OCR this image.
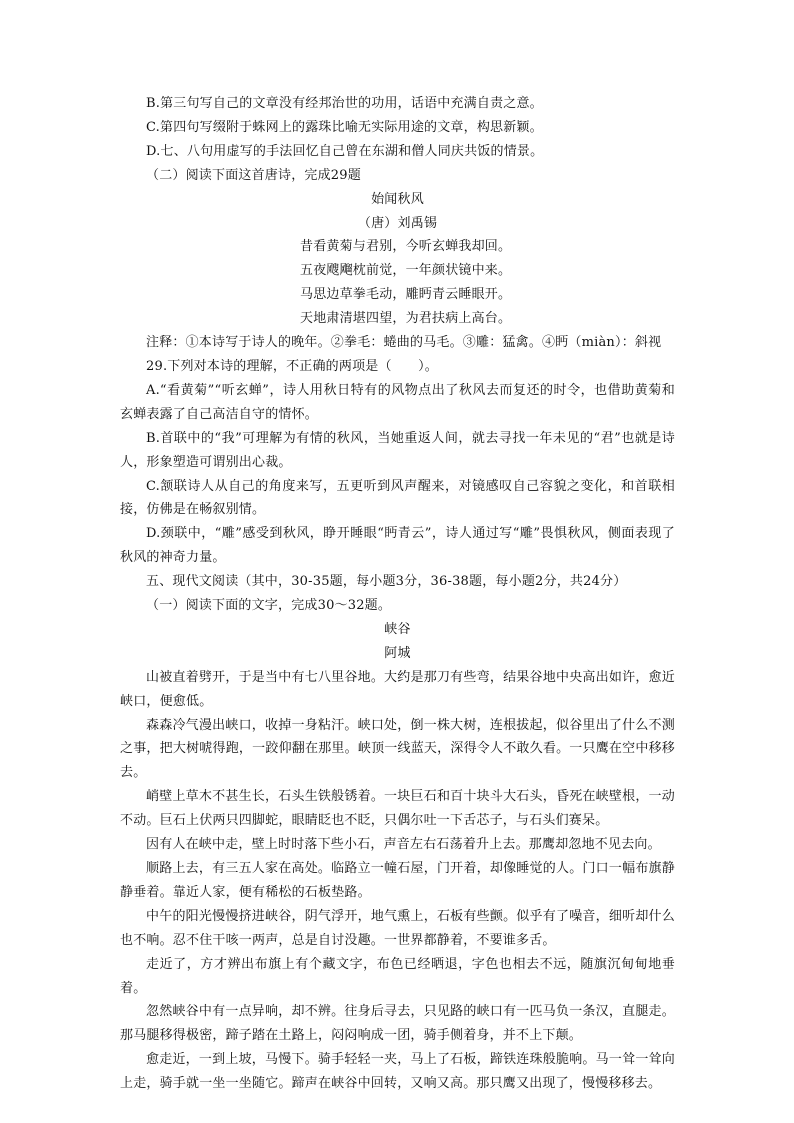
B.第三句写自己的文章没有经邦治世的功用，话语中充满自责之意。

C.第四句写缀附于蛛网上的露珠比喻无实际用途的文章，构思新颖。

D.七、八句用虚写的手法回忆自己曾在东湖和僧人同庆共饭的情景。

（二）阅读下面这首唐诗，完成29题

始闻秋风

（唐）刘禹锡

昔看黄菊与君别，今听玄蝉我却回。

五夜飕飗枕前觉，一年颜状镜中来。

马思边草拳毛动，雕眄青云睡眼开。

天地肃清堪四望，为君扶病上高台。

注释：①本诗写于诗人的晚年。②拳毛：蜷曲的马毛。③雕：猛禽。④眄（miàn）：斜视

29.下列对本诗的理解，不正确的两项是（　　）。

A.“看黄菊”“听玄蝉”，诗人用秋日特有的风物点出了秋风去而复还的时令，也借助黄菊和玄蝉表露了自己高洁自守的情怀。

B.首联中的“我”可理解为有情的秋风，当她重返人间，就去寻找一年未见的“君”也就是诗人，形象塑造可谓别出心裁。

C.颔联诗人从自己的角度来写，五更听到风声醒来，对镜感叹自己容貌之变化，和首联相接，仿佛是在畅叙别情。

D.颈联中，“雕”感受到秋风，睁开睡眼“眄青云”，诗人通过写“雕”畏惧秋风，侧面表现了秋风的神奇力量。

五、现代文阅读（其中，30-35题，每小题3分，36-38题，每小题2分，共24分）

（一）阅读下面的文字，完成30～32题。

峡谷

阿城

山被直着劈开，于是当中有七八里谷地。大约是那刀有些弯，结果谷地中央高出如许，愈近峡口，便愈低。

森森冷气漫出峡口，收掉一身粘汗。峡口处，倒一株大树，连根拔起，似谷里出了什么不测之事，把大树唬得跑，一跤仰翻在那里。峡顶一线蓝天，深得令人不敢久看。一只鹰在空中移移去。

峭壁上草木不甚生长，石头生铁般锈着。一块巨石和百十块斗大石头，昏死在峡壁根，一动不动。巨石上伏两只四脚蛇，眼睛眨也不眨，只偶尔吐一下舌芯子，与石头们赛呆。

因有人在峡中走，壁上时时落下些小石，声音左右石荡着升上去。那鹰却忽地不见去向。

顺路上去，有三五人家在高处。临路立一幢石屋，门开着，却像睡觉的人。门口一幅布旗静静垂着。靠近人家，便有稀松的石板垫路。

中午的阳光慢慢挤进峡谷，阴气浮开，地气熏上，石板有些颤。似乎有了噪音，细听却什么也不响。忍不住干咳一两声，总是自讨没趣。一世界都静着，不要谁多舌。

走近了，方才辨出布旗上有个藏文字，布色已经晒退，字色也相去不远，随旗沉甸甸地垂着。

忽然峡谷中有一点异响，却不辨。往身后寻去，只见路的峡口有一匹马负一条汉，直腿走。那马腿移得极密，蹄子踏在土路上，闷闷响成一团，骑手侧着身，并不上下颠。

愈走近，一到上坡，马慢下。骑手轻轻一夹，马上了石板，蹄铁连珠般脆响。马一耸一耸向上走，骑手就一坐一坐随它。蹄声在峡谷中回转，又响又高。那只鹰又出现了，慢慢移移去。
